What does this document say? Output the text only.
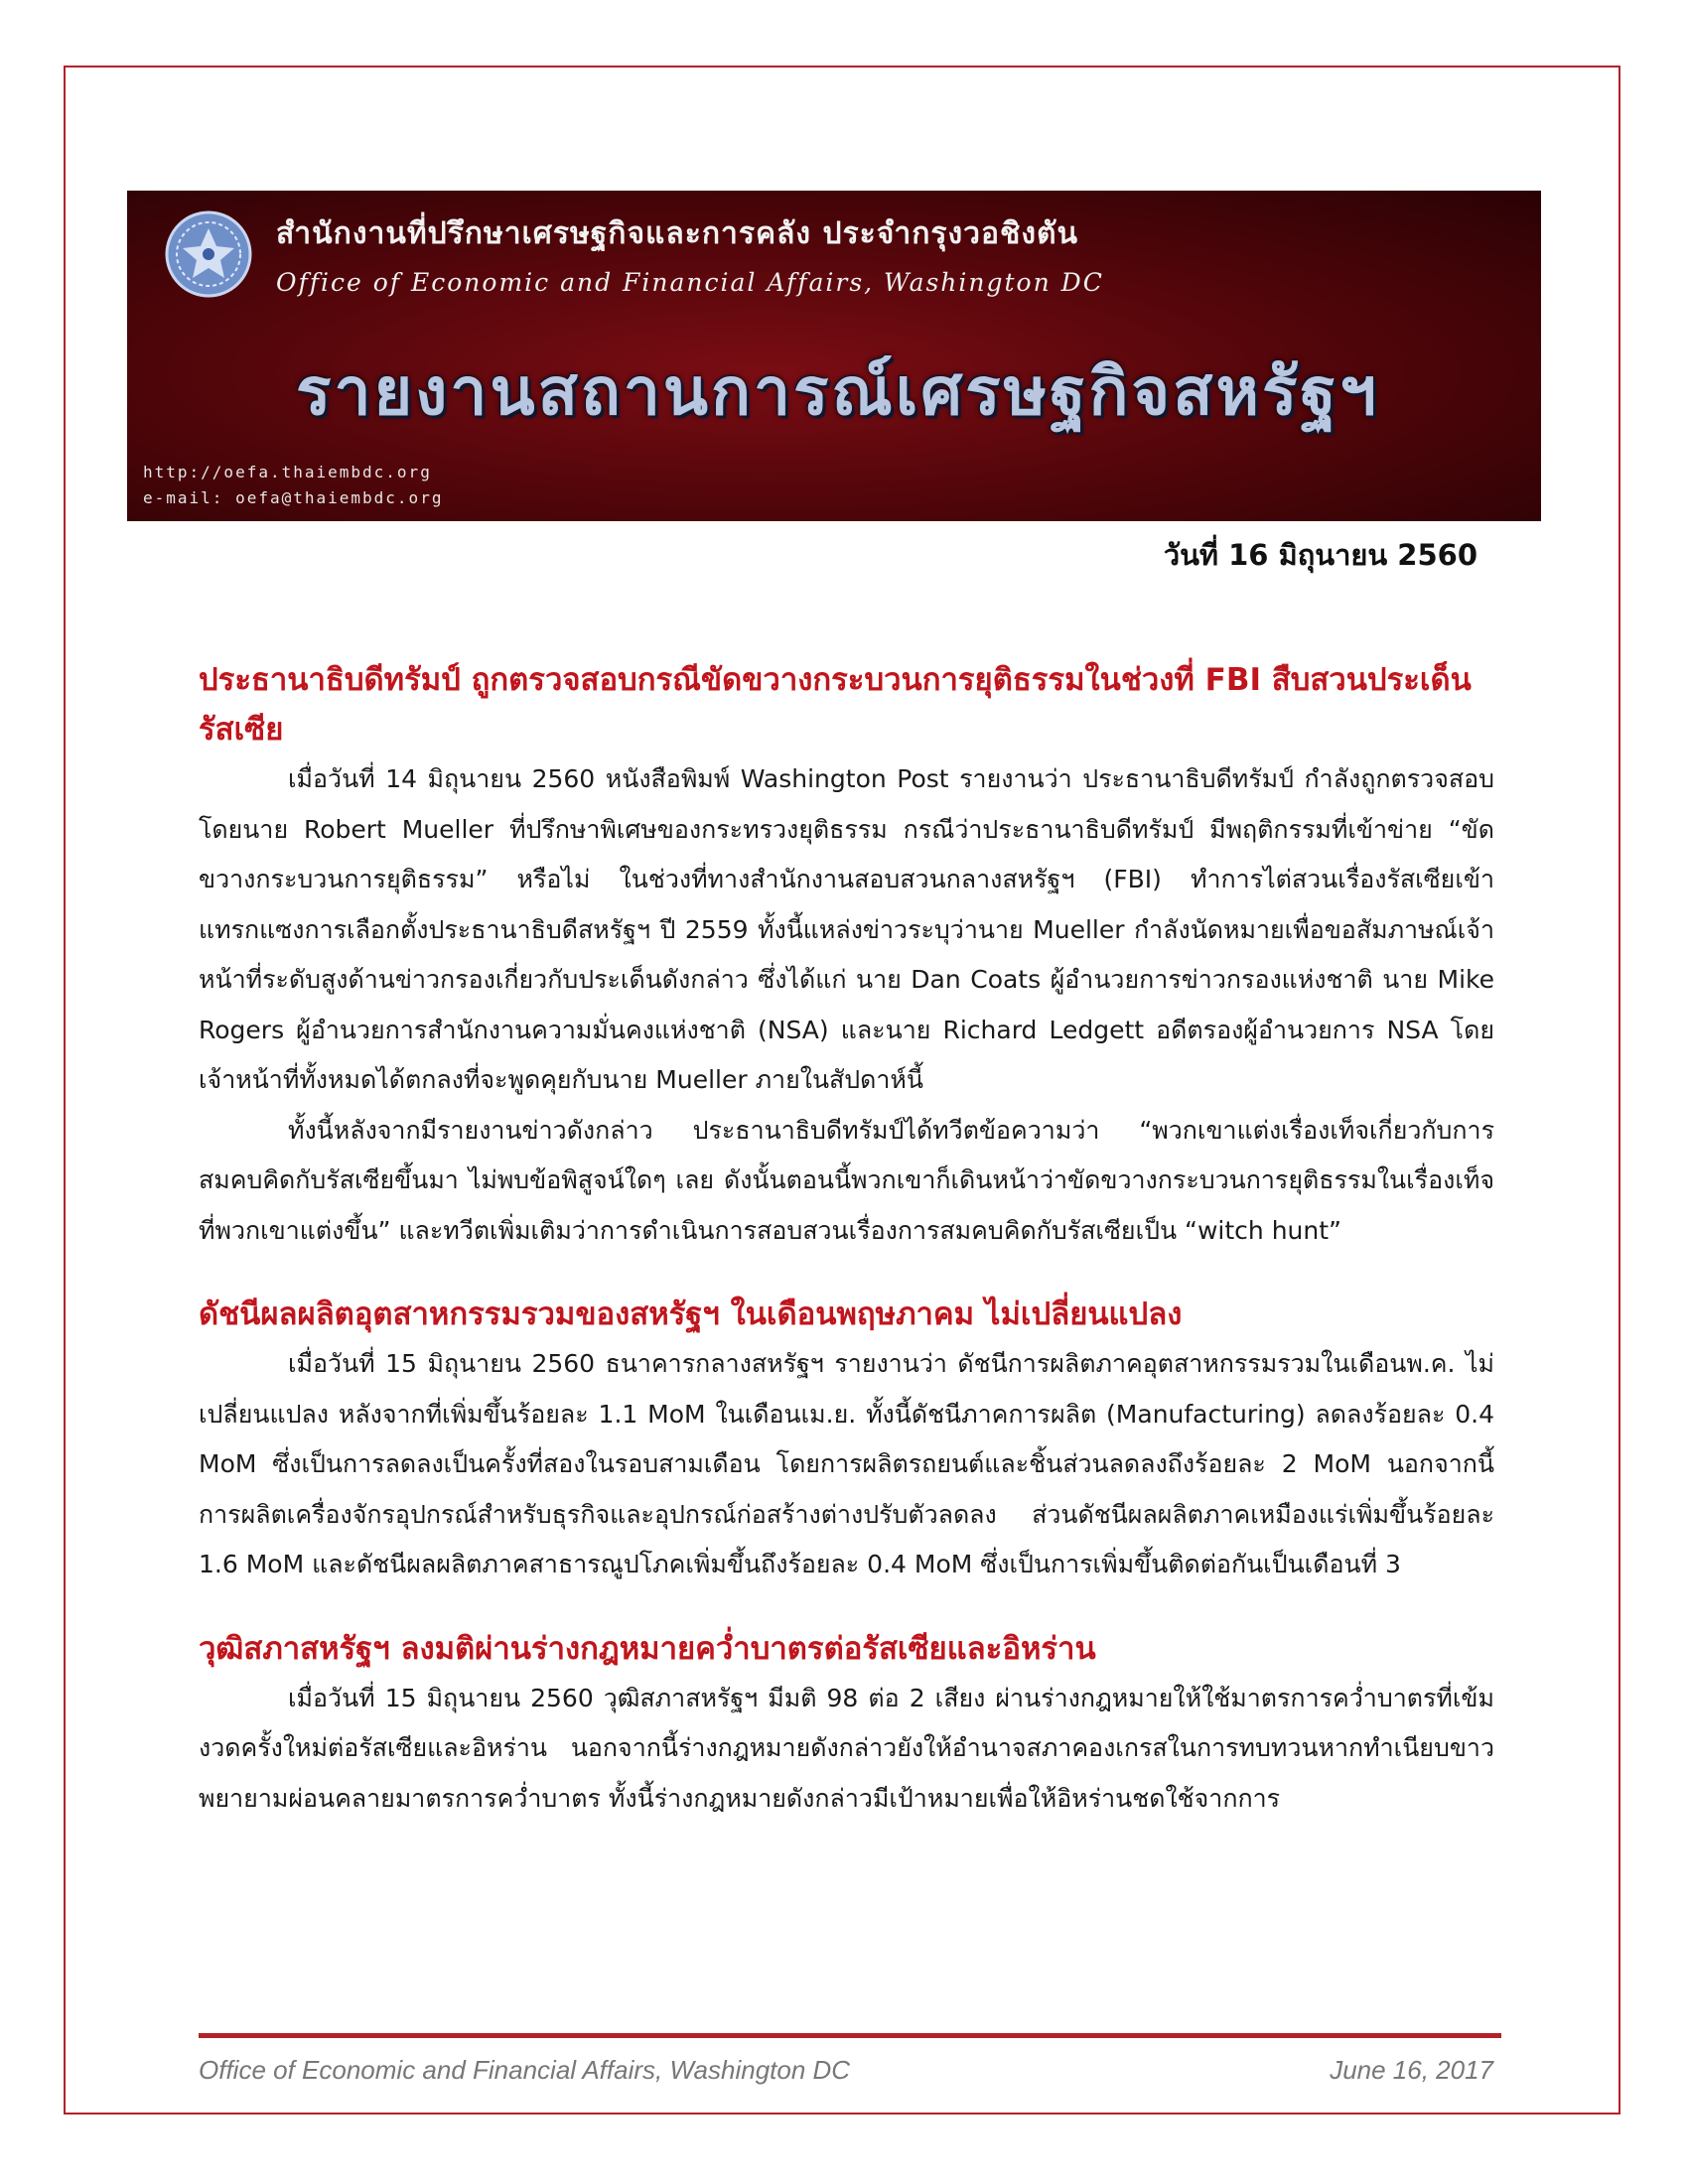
สำนักงานที่ปรึกษาเศรษฐกิจและการคลัง ประจำกรุงวอชิงตัน
Office of Economic and Financial Affairs, Washington DC
รายงานสถานการณ์เศรษฐกิจสหรัฐฯ
http://oefa.thaiembdc.org
e-mail: oefa@thaiembdc.org
วันที่ 16 มิถุนายน 2560
ประธานาธิบดีทรัมป์ ถูกตรวจสอบกรณีขัดขวางกระบวนการยุติธรรมในช่วงที่ FBI สืบสวนประเด็นรัสเซีย

เมื่อวันที่ 14 มิถุนายน 2560 หนังสือพิมพ์ Washington Post รายงานว่า ประธานาธิบดีทรัมป์ กำลังถูกตรวจสอบโดยนาย Robert Mueller ที่ปรึกษาพิเศษของกระทรวงยุติธรรม กรณีว่าประธานาธิบดีทรัมป์ มีพฤติกรรมที่เข้าข่าย “ขัดขวางกระบวนการยุติธรรม” หรือไม่ ในช่วงที่ทางสำนักงานสอบสวนกลางสหรัฐฯ (FBI) ทำการไต่สวนเรื่องรัสเซียเข้าแทรกแซงการเลือกตั้งประธานาธิบดีสหรัฐฯ ปี 2559 ทั้งนี้แหล่งข่าวระบุว่านาย Mueller กำลังนัดหมายเพื่อขอสัมภาษณ์เจ้าหน้าที่ระดับสูงด้านข่าวกรองเกี่ยวกับประเด็นดังกล่าว ซึ่งได้แก่ นาย Dan Coats ผู้อำนวยการข่าวกรองแห่งชาติ นาย Mike Rogers ผู้อำนวยการสำนักงานความมั่นคงแห่งชาติ (NSA) และนาย Richard Ledgett อดีตรองผู้อำนวยการ NSA โดยเจ้าหน้าที่ทั้งหมดได้ตกลงที่จะพูดคุยกับนาย Mueller ภายในสัปดาห์นี้

ทั้งนี้หลังจากมีรายงานข่าวดังกล่าว ประธานาธิบดีทรัมป์ได้ทวีตข้อความว่า “พวกเขาแต่งเรื่องเท็จเกี่ยวกับการสมคบคิดกับรัสเซียขึ้นมา ไม่พบข้อพิสูจน์ใดๆ เลย ดังนั้นตอนนี้พวกเขาก็เดินหน้าว่าขัดขวางกระบวนการยุติธรรมในเรื่องเท็จที่พวกเขาแต่งขึ้น” และทวีตเพิ่มเติมว่าการดำเนินการสอบสวนเรื่องการสมคบคิดกับรัสเซียเป็น “witch hunt”

ดัชนีผลผลิตอุตสาหกรรมรวมของสหรัฐฯ ในเดือนพฤษภาคม ไม่เปลี่ยนแปลง

เมื่อวันที่ 15 มิถุนายน 2560 ธนาคารกลางสหรัฐฯ รายงานว่า ดัชนีการผลิตภาคอุตสาหกรรมรวมในเดือนพ.ค. ไม่เปลี่ยนแปลง หลังจากที่เพิ่มขึ้นร้อยละ 1.1 MoM ในเดือนเม.ย. ทั้งนี้ดัชนีภาคการผลิต (Manufacturing) ลดลงร้อยละ 0.4 MoM ซึ่งเป็นการลดลงเป็นครั้งที่สองในรอบสามเดือน โดยการผลิตรถยนต์และชิ้นส่วนลดลงถึงร้อยละ 2 MoM นอกจากนี้การผลิตเครื่องจักรอุปกรณ์สำหรับธุรกิจและอุปกรณ์ก่อสร้างต่างปรับตัวลดลง ส่วนดัชนีผลผลิตภาคเหมืองแร่เพิ่มขึ้นร้อยละ 1.6 MoM และดัชนีผลผลิตภาคสาธารณูปโภคเพิ่มขึ้นถึงร้อยละ 0.4 MoM ซึ่งเป็นการเพิ่มขึ้นติดต่อกันเป็นเดือนที่ 3

วุฒิสภาสหรัฐฯ ลงมติผ่านร่างกฎหมายคว่ำบาตรต่อรัสเซียและอิหร่าน

เมื่อวันที่ 15 มิถุนายน 2560 วุฒิสภาสหรัฐฯ มีมติ 98 ต่อ 2 เสียง ผ่านร่างกฎหมายให้ใช้มาตรการคว่ำบาตรที่เข้มงวดครั้งใหม่ต่อรัสเซียและอิหร่าน นอกจากนี้ร่างกฎหมายดังกล่าวยังให้อำนาจสภาคองเกรสในการทบทวนหากทำเนียบขาวพยายามผ่อนคลายมาตรการคว่ำบาตร ทั้งนี้ร่างกฎหมายดังกล่าวมีเป้าหมายเพื่อให้อิหร่านชดใช้จากการ

Office of Economic and Financial Affairs, Washington DC	June 16, 2017
